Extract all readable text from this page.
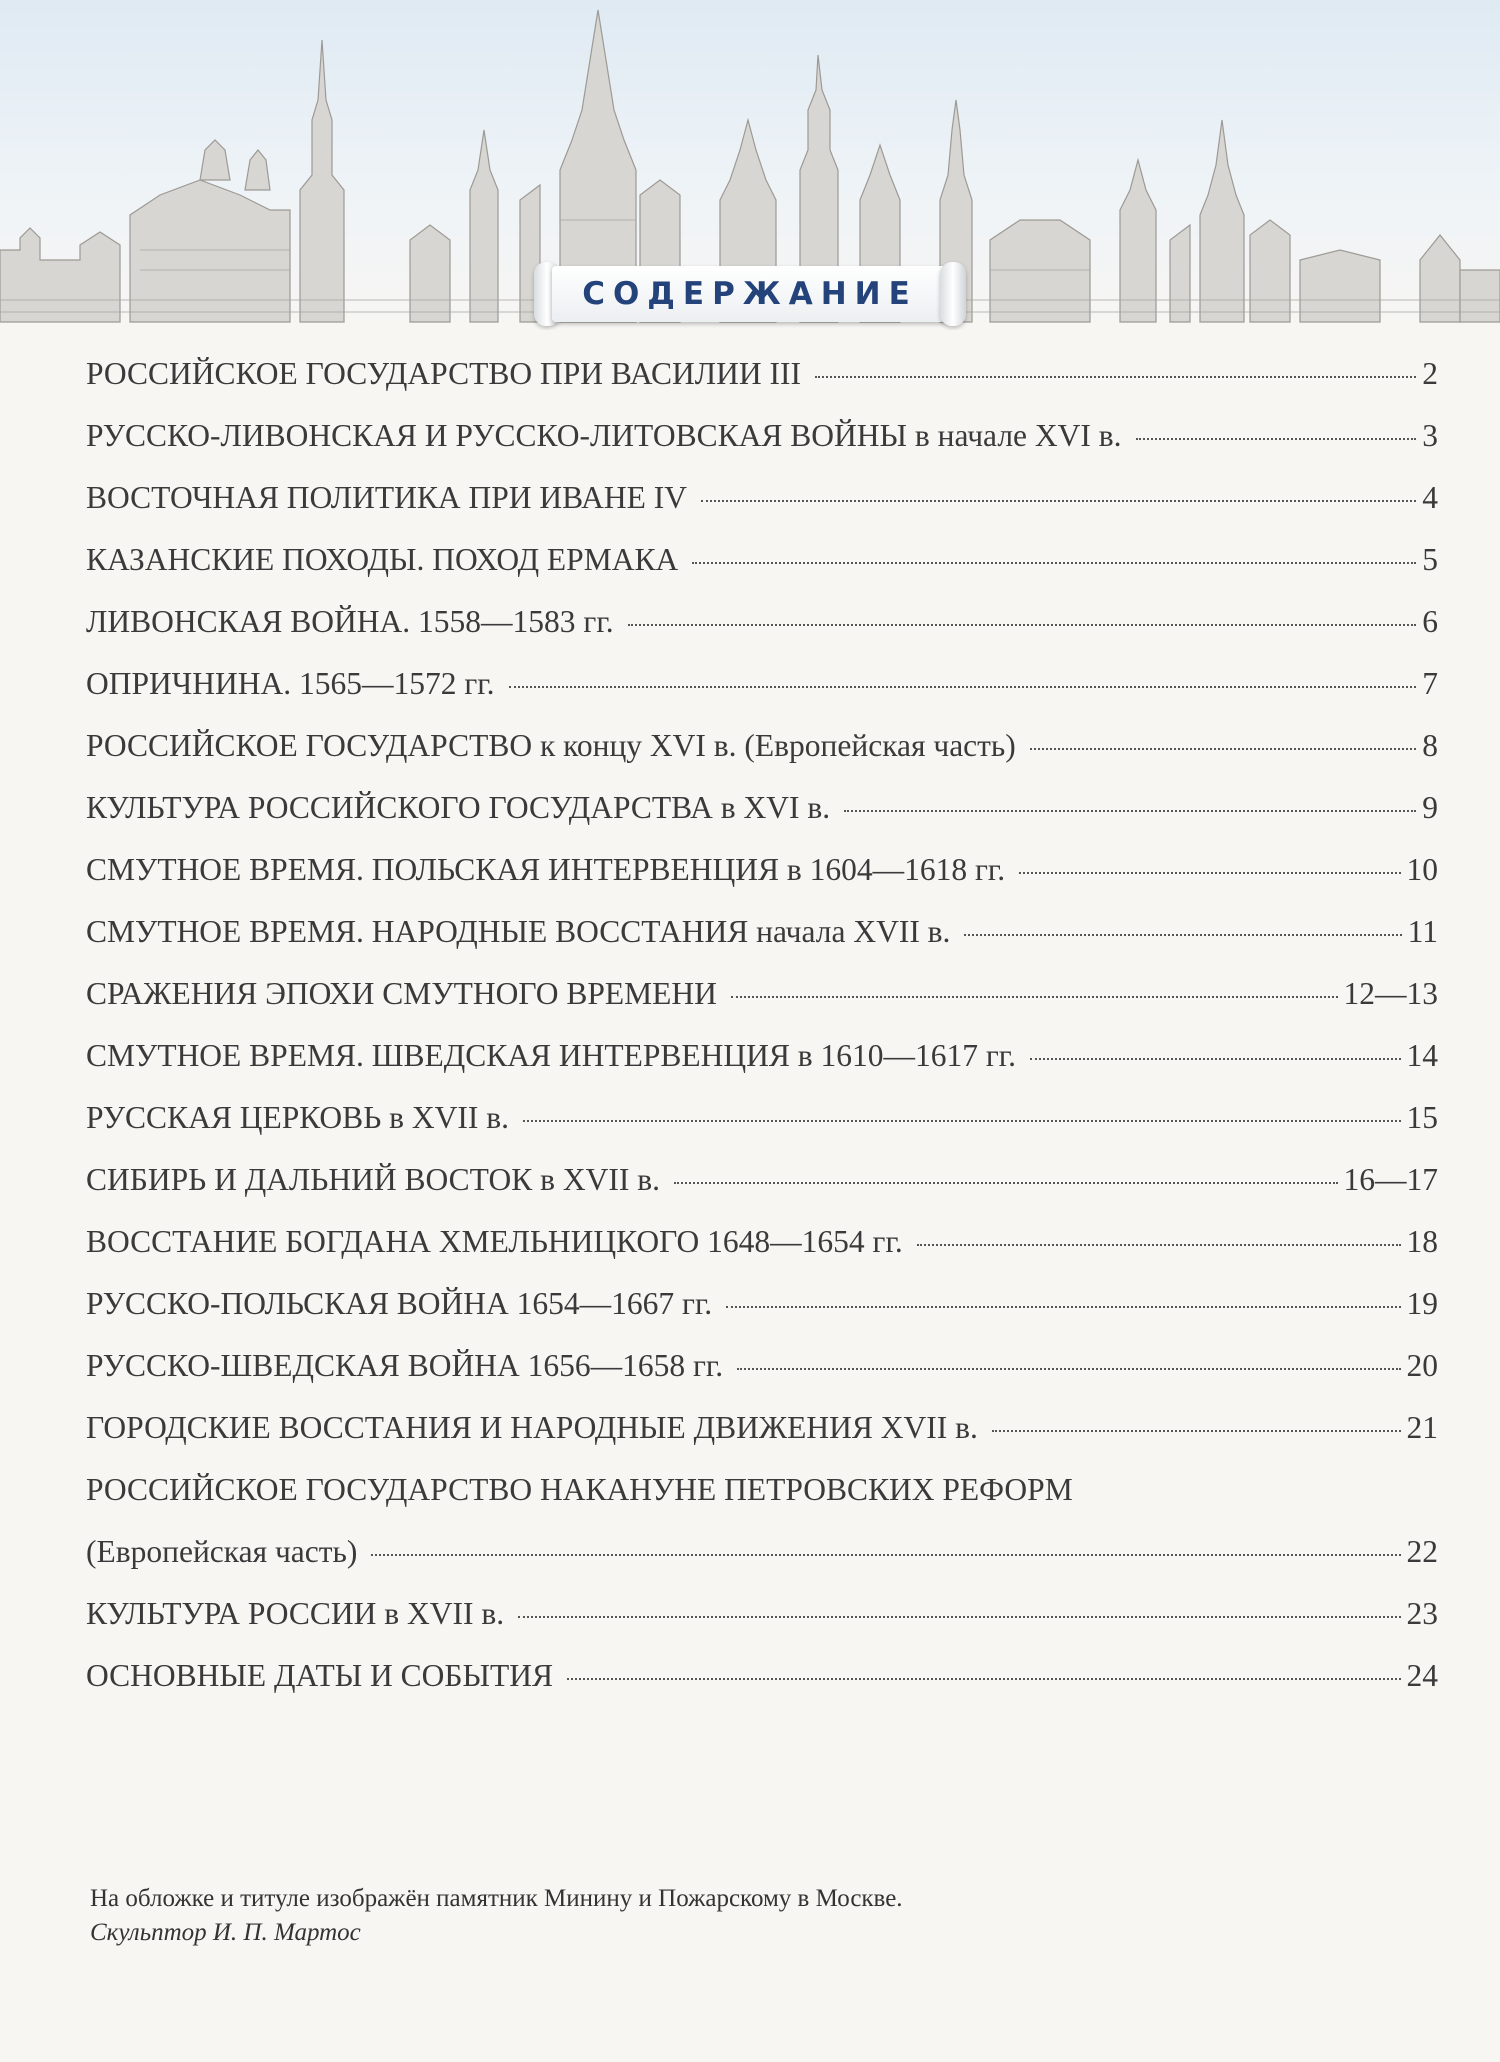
СОДЕРЖАНИЕ
РОССИЙСКОЕ ГОСУДАРСТВО ПРИ ВАСИЛИИ III	2
РУССКО-ЛИВОНСКАЯ И РУССКО-ЛИТОВСКАЯ ВОЙНЫ в начале XVI в.	3
ВОСТОЧНАЯ ПОЛИТИКА ПРИ ИВАНЕ IV	4
КАЗАНСКИЕ ПОХОДЫ. ПОХОД ЕРМАКА	5
ЛИВОНСКАЯ ВОЙНА. 1558—1583 гг.	6
ОПРИЧНИНА. 1565—1572 гг.	7
РОССИЙСКОЕ ГОСУДАРСТВО к концу XVI в. (Европейская часть)	8
КУЛЬТУРА РОССИЙСКОГО ГОСУДАРСТВА в XVI в.	9
СМУТНОЕ ВРЕМЯ. ПОЛЬСКАЯ ИНТЕРВЕНЦИЯ в 1604—1618 гг.	10
СМУТНОЕ ВРЕМЯ. НАРОДНЫЕ ВОССТАНИЯ начала XVII в.	11
СРАЖЕНИЯ ЭПОХИ СМУТНОГО ВРЕМЕНИ	12—13
СМУТНОЕ ВРЕМЯ. ШВЕДСКАЯ ИНТЕРВЕНЦИЯ в 1610—1617 гг.	14
РУССКАЯ ЦЕРКОВЬ в XVII в.	15
СИБИРЬ И ДАЛЬНИЙ ВОСТОК в XVII в.	16—17
ВОССТАНИЕ БОГДАНА ХМЕЛЬНИЦКОГО 1648—1654 гг.	18
РУССКО-ПОЛЬСКАЯ ВОЙНА 1654—1667 гг.	19
РУССКО-ШВЕДСКАЯ ВОЙНА 1656—1658 гг.	20
ГОРОДСКИЕ ВОССТАНИЯ И НАРОДНЫЕ ДВИЖЕНИЯ XVII в.	21
РОССИЙСКОЕ ГОСУДАРСТВО НАКАНУНЕ ПЕТРОВСКИХ РЕФОРМ
(Европейская часть)	22
КУЛЬТУРА РОССИИ в XVII в.	23
ОСНОВНЫЕ ДАТЫ И СОБЫТИЯ	24
На обложке и титуле изображён памятник Минину и Пожарскому в Москве.
Скульптор И. П. Мартос
